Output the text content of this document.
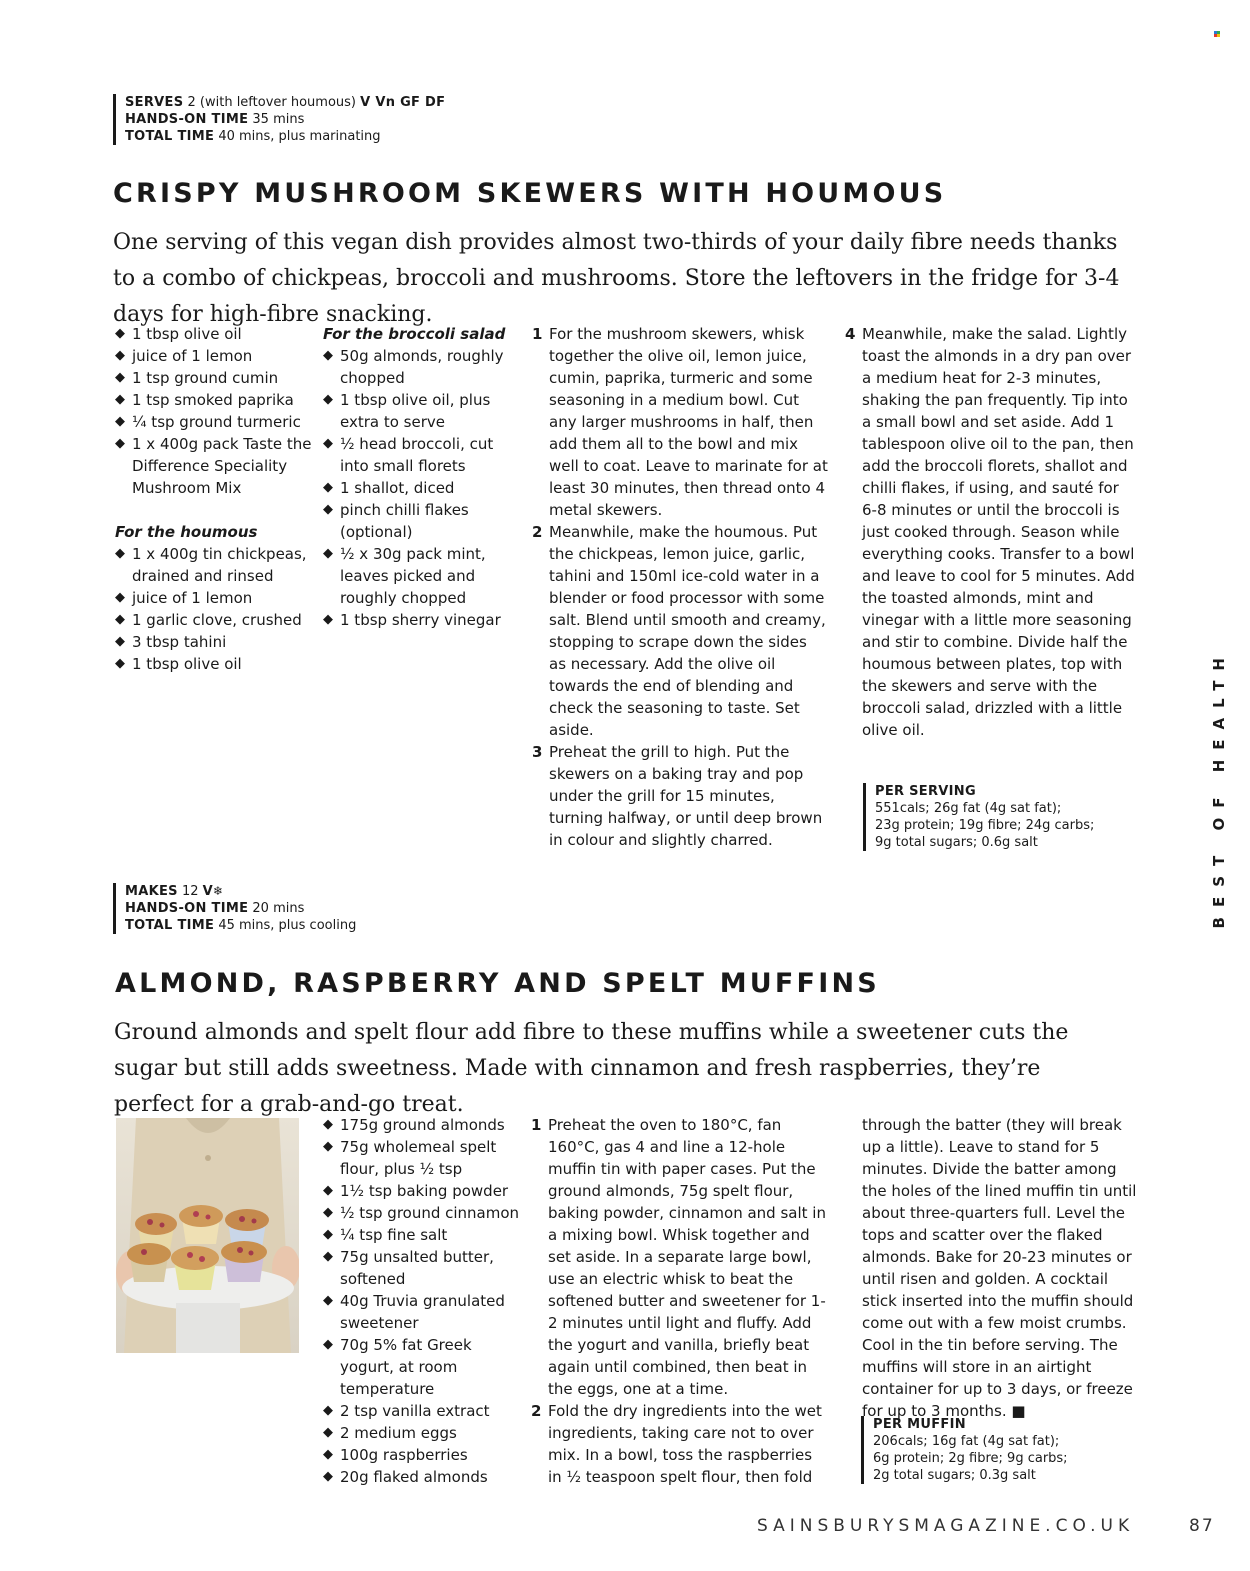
SERVES 2 (with leftover houmous) V Vn GF DF
HANDS-ON TIME 35 mins
TOTAL TIME 40 mins, plus marinating
CRISPY MUSHROOM SKEWERS WITH HOUMOUS
One serving of this vegan dish provides almost two-thirds of your daily fibre needs thanks to a combo of chickpeas, broccoli and mushrooms. Store the leftovers in the fridge for 3-4 days for high-fibre snacking.
◆ 1 tbsp olive oil
◆ juice of 1 lemon
◆ 1 tsp ground cumin
◆ 1 tsp smoked paprika
◆ ¼ tsp ground turmeric
◆ 1 x 400g pack Taste the Difference Speciality Mushroom Mix
For the houmous
◆ 1 x 400g tin chickpeas, drained and rinsed
◆ juice of 1 lemon
◆ 1 garlic clove, crushed
◆ 3 tbsp tahini
◆ 1 tbsp olive oil
For the broccoli salad
◆ 50g almonds, roughly chopped
◆ 1 tbsp olive oil, plus extra to serve
◆ ½ head broccoli, cut into small florets
◆ 1 shallot, diced
◆ pinch chilli flakes (optional)
◆ ½ x 30g pack mint, leaves picked and roughly chopped
◆ 1 tbsp sherry vinegar
1 For the mushroom skewers, whisk together the olive oil, lemon juice, cumin, paprika, turmeric and some seasoning in a medium bowl. Cut any larger mushrooms in half, then add them all to the bowl and mix well to coat. Leave to marinate for at least 30 minutes, then thread onto 4 metal skewers.
2 Meanwhile, make the houmous. Put the chickpeas, lemon juice, garlic, tahini and 150ml ice-cold water in a blender or food processor with some salt. Blend until smooth and creamy, stopping to scrape down the sides as necessary. Add the olive oil towards the end of blending and check the seasoning to taste. Set aside.
3 Preheat the grill to high. Put the skewers on a baking tray and pop under the grill for 15 minutes, turning halfway, or until deep brown in colour and slightly charred.
4 Meanwhile, make the salad. Lightly toast the almonds in a dry pan over a medium heat for 2-3 minutes, shaking the pan frequently. Tip into a small bowl and set aside. Add 1 tablespoon olive oil to the pan, then add the broccoli florets, shallot and chilli flakes, if using, and sauté for 6-8 minutes or until the broccoli is just cooked through. Season while everything cooks. Transfer to a bowl and leave to cool for 5 minutes. Add the toasted almonds, mint and vinegar with a little more seasoning and stir to combine. Divide half the houmous between plates, top with the skewers and serve with the broccoli salad, drizzled with a little olive oil.
PER SERVING
551cals; 26g fat (4g sat fat);
23g protein; 19g fibre; 24g carbs;
9g total sugars; 0.6g salt
MAKES 12 V❄
HANDS-ON TIME 20 mins
TOTAL TIME 45 mins, plus cooling
ALMOND, RASPBERRY AND SPELT MUFFINS
Ground almonds and spelt flour add fibre to these muffins while a sweetener cuts the sugar but still adds sweetness. Made with cinnamon and fresh raspberries, they’re perfect for a grab-and-go treat.
◆ 175g ground almonds
◆ 75g wholemeal spelt flour, plus ½ tsp
◆ 1½ tsp baking powder
◆ ½ tsp ground cinnamon
◆ ¼ tsp fine salt
◆ 75g unsalted butter, softened
◆ 40g Truvia granulated sweetener
◆ 70g 5% fat Greek yogurt, at room temperature
◆ 2 tsp vanilla extract
◆ 2 medium eggs
◆ 100g raspberries
◆ 20g flaked almonds
1 Preheat the oven to 180°C, fan 160°C, gas 4 and line a 12-hole muffin tin with paper cases. Put the ground almonds, 75g spelt flour, baking powder, cinnamon and salt in a mixing bowl. Whisk together and set aside. In a separate large bowl, use an electric whisk to beat the softened butter and sweetener for 1-2 minutes until light and fluffy. Add the yogurt and vanilla, briefly beat again until combined, then beat in the eggs, one at a time.
2 Fold the dry ingredients into the wet ingredients, taking care not to over mix. In a bowl, toss the raspberries in ½ teaspoon spelt flour, then fold through the batter (they will break up a little). Leave to stand for 5 minutes. Divide the batter among the holes of the lined muffin tin until about three-quarters full. Level the tops and scatter over the flaked almonds. Bake for 20-23 minutes or until risen and golden. A cocktail stick inserted into the muffin should come out with a few moist crumbs. Cool in the tin before serving. The muffins will store in an airtight container for up to 3 days, or freeze for up to 3 months. ■
PER MUFFIN
206cals; 16g fat (4g sat fat);
6g protein; 2g fibre; 9g carbs;
2g total sugars; 0.3g salt
BEST OF HEALTH
SAINSBURYSMAGAZINE.CO.UK	87
